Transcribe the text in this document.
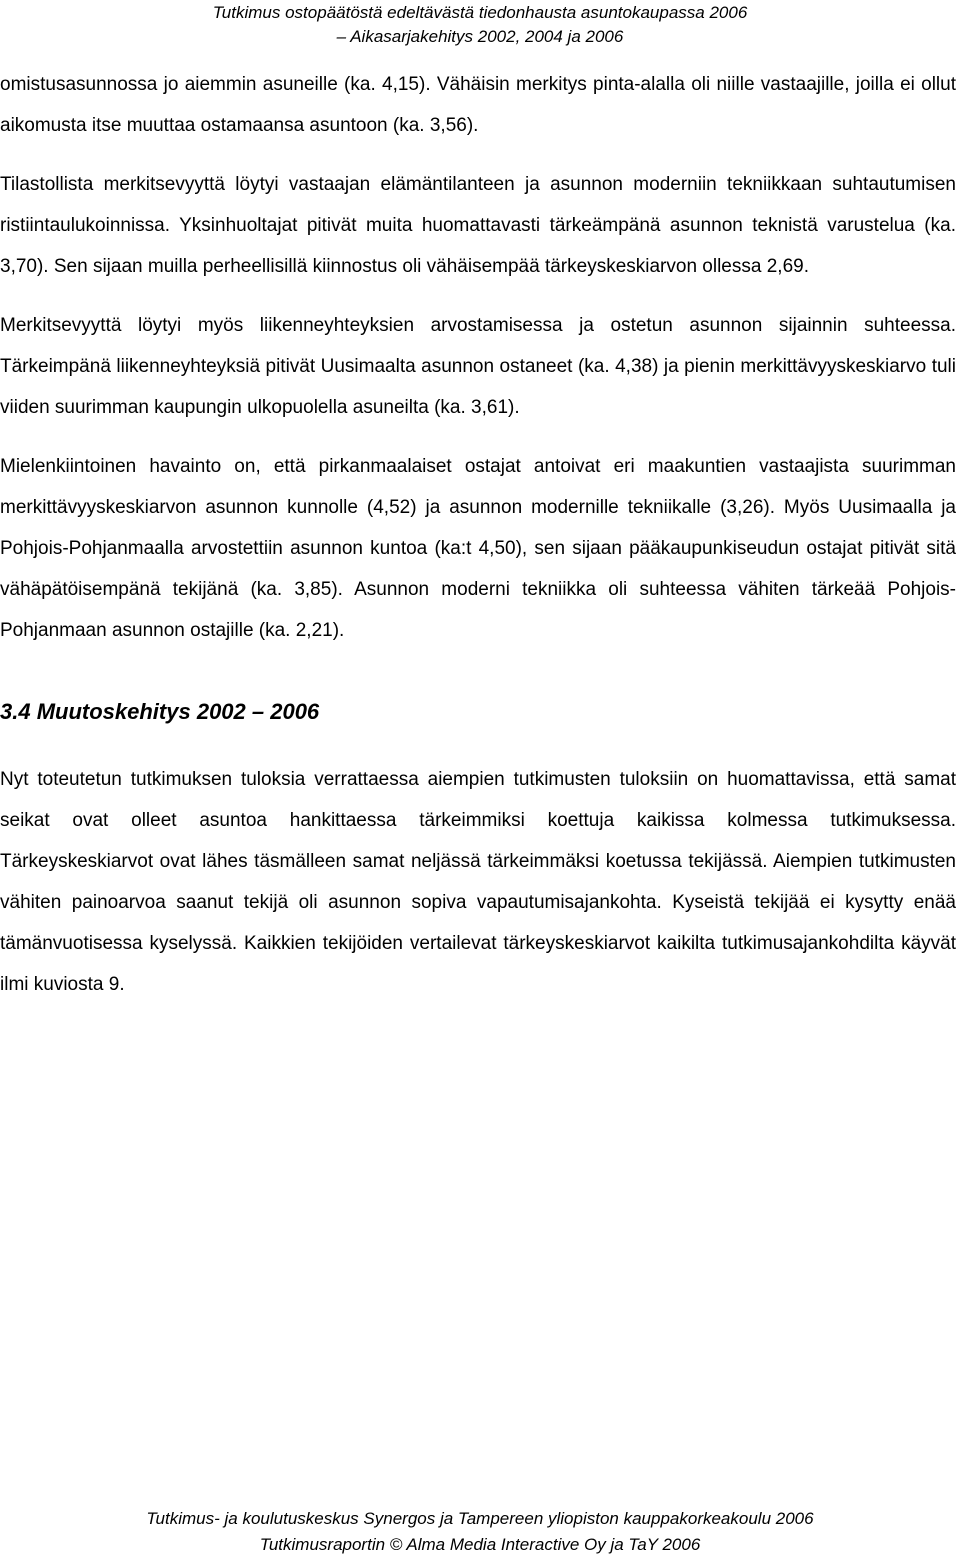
Tutkimus ostopäätöstä edeltävästä tiedonhausta asuntokaupassa 2006
– Aikasarjakehitys 2002, 2004 ja 2006

omistusasunnossa jo aiemmin asuneille (ka. 4,15). Vähäisin merkitys pinta-alalla oli niille vastaajille, joilla ei ollut aikomusta itse muuttaa ostamaansa asuntoon (ka. 3,56).

Tilastollista merkitsevyyttä löytyi vastaajan elämäntilanteen ja asunnon moderniin tekniikkaan suhtautumisen ristiintaulukoinnissa. Yksinhuoltajat pitivät muita huomattavasti tärkeämpänä asunnon teknistä varustelua (ka. 3,70). Sen sijaan muilla perheellisillä kiinnostus oli vähäisempää tärkeyskeskiarvon ollessa 2,69.

Merkitsevyyttä löytyi myös liikenneyhteyksien arvostamisessa ja ostetun asunnon sijainnin suhteessa. Tärkeimpänä liikenneyhteyksiä pitivät Uusimaalta asunnon ostaneet (ka. 4,38) ja pienin merkittävyyskeskiarvo tuli viiden suurimman kaupungin ulkopuolella asuneilta (ka. 3,61).

Mielenkiintoinen havainto on, että pirkanmaalaiset ostajat antoivat eri maakuntien vastaajista suurimman merkittävyyskeskiarvon asunnon kunnolle (4,52) ja asunnon modernille tekniikalle (3,26). Myös Uusimaalla ja Pohjois-Pohjanmaalla arvostettiin asunnon kuntoa (ka:t 4,50), sen sijaan pääkaupunkiseudun ostajat pitivät sitä vähäpätöisempänä tekijänä (ka. 3,85). Asunnon moderni tekniikka oli suhteessa vähiten tärkeää Pohjois-Pohjanmaan asunnon ostajille (ka. 2,21).

3.4 Muutoskehitys 2002 – 2006

Nyt toteutetun tutkimuksen tuloksia verrattaessa aiempien tutkimusten tuloksiin on huomattavissa, että samat seikat ovat olleet asuntoa hankittaessa tärkeimmiksi koettuja kaikissa kolmessa tutkimuksessa. Tärkeyskeskiarvot ovat lähes täsmälleen samat neljässä tärkeimmäksi koetussa tekijässä. Aiempien tutkimusten vähiten painoarvoa saanut tekijä oli asunnon sopiva vapautumisajankohta. Kyseistä tekijää ei kysytty enää tämänvuotisessa kyselyssä. Kaikkien tekijöiden vertailevat tärkeyskeskiarvot kaikilta tutkimusajankohdilta käyvät ilmi kuviosta 9.

Tutkimus- ja koulutuskeskus Synergos ja Tampereen yliopiston kauppakorkeakoulu 2006
Tutkimusraportin © Alma Media Interactive Oy ja TaY 2006
